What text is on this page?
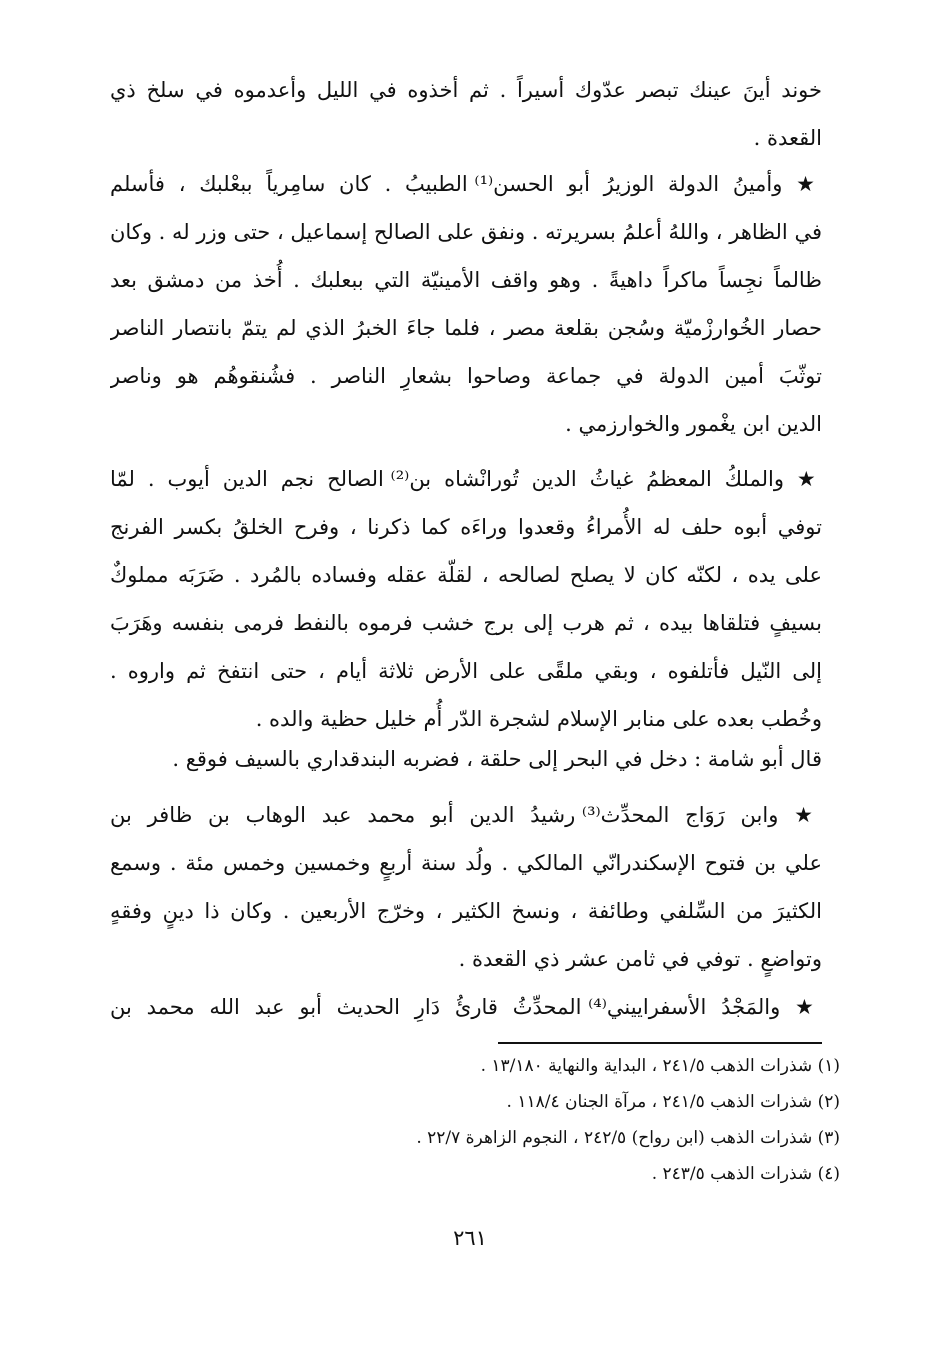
خوند أينَ عينك تبصر عدّوك أسيراً . ثم أخذوه في الليل وأعدموه في سلخ ذي
القعدة .
★ وأمينُ الدولة الوزيرُ أبو الحسن⁽¹⁾ الطبيبُ . كان سامِرياً ببعْلبك ، فأسلم
في الظاهر ، واللهُ أعلمُ بسريرته . ونفق على الصالح إسماعيل ، حتى وزر له . وكان
ظالماً نجِساً ماكراً داهيةً . وهو واقف الأمينيّة التي ببعلبك . أُخذ من دمشق بعد
حصار الخُوارزْميّة وسُجن بقلعة مصر ، فلما جاءَ الخبرُ الذي لم يتمّ بانتصار الناصر
توثّبَ أمين الدولة في جماعة وصاحوا بشعارِ الناصر . فشُنقوهُم هو وناصر
الدين ابن يغْمور والخوارزمي .
★ والملكُ المعظمُ غياثُ الدين تُورانْشاه بن⁽²⁾ الصالح نجم الدين أيوب . لمّا
توفي أبوه حلف له الأُمراءُ وقعدوا وراءَه كما ذكرنا ، وفرح الخلقُ بكسر الفرنج
على يده ، لكنّه كان لا يصلح لصالحه ، لقلّة عقله وفساده بالمُرد . ضَرَبَه مملوكٌ
بسيفٍ فتلقاها بيده ، ثم هرب إلى برج خشب فرموه بالنفط فرمى بنفسه وهَرَبَ
إلى النّيل فأتلفوه ، وبقي ملقًى على الأرض ثلاثة أيام ، حتى انتفخ ثم واروه .
وخُطب بعده على منابر الإسلام لشجرة الدّر أُم خليل حظية والده .
قال أبو شامة : دخل في البحر إلى حلقة ، فضربه البندقداري بالسيف فوقع .
★ وابن رَوَاج المحدِّث⁽³⁾ رشيدُ الدين أبو محمد عبد الوهاب بن ظافر بن
علي بن فتوح الإسكندرانّي المالكي . ولُد سنة أربعٍ وخمسين وخمس مئة . وسمع
الكثيرَ من السِّلفي وطائفة ، ونسخ الكثير ، وخرّج الأربعين . وكان ذا دينٍ وفقهٍ
وتواضعٍ . توفي في ثامن عشر ذي القعدة .
★ والمَجْدُ الأسفراييني⁽⁴⁾ المحدِّثُ قارئُ دَارِ الحديث أبو عبد الله محمد بن
(١) شذرات الذهب ٢٤١/٥ ، البداية والنهاية ١٣/١٨٠ .
(٢) شذرات الذهب ٢٤١/٥ ، مرآة الجنان ١١٨/٤ .
(٣) شذرات الذهب (ابن رواح) ٢٤٢/٥ ، النجوم الزاهرة ٢٢/٧ .
(٤) شذرات الذهب ٢٤٣/٥ .
٢٦١
